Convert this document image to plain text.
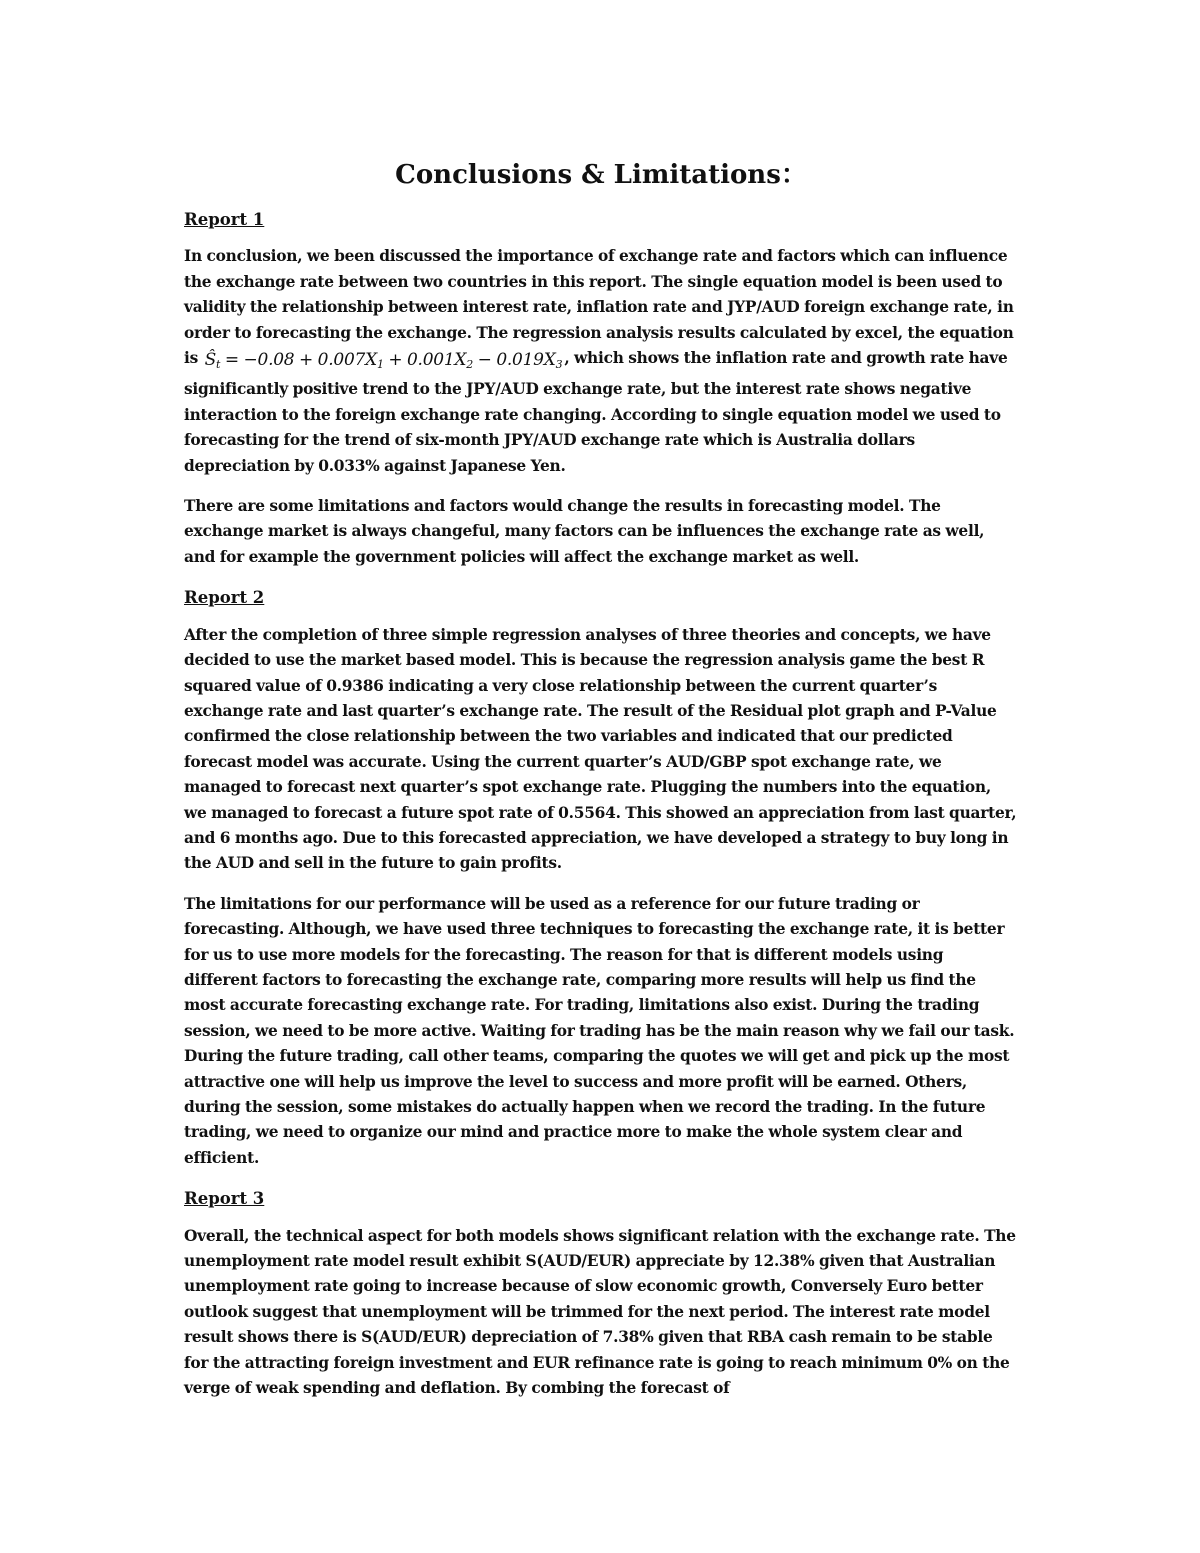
Conclusions & Limitations：
Report 1
In conclusion, we been discussed the importance of exchange rate and factors which can influence the exchange rate between two countries in this report. The single equation model is been used to validity the relationship between interest rate, inflation rate and JYP/AUD foreign exchange rate, in order to forecasting the exchange. The regression analysis results calculated by excel, the equation is $Ŝ_t = -0.08 + 0.007X_1 + 0.001X_2 - 0.019X_3$ , which shows the inflation rate and growth rate have significantly positive trend to the JPY/AUD exchange rate, but the interest rate shows negative interaction to the foreign exchange rate changing. According to single equation model we used to forecasting for the trend of six-month JPY/AUD exchange rate which is Australia dollars depreciation by 0.033% against Japanese Yen.
There are some limitations and factors would change the results in forecasting model. The exchange market is always changeful, many factors can be influences the exchange rate as well, and for example the government policies will affect the exchange market as well.
Report 2
After the completion of three simple regression analyses of three theories and concepts, we have decided to use the market based model. This is because the regression analysis game the best R squared value of 0.9386 indicating a very close relationship between the current quarter’s exchange rate and last quarter’s exchange rate. The result of the Residual plot graph and P-Value confirmed the close relationship between the two variables and indicated that our predicted forecast model was accurate. Using the current quarter’s AUD/GBP spot exchange rate, we managed to forecast next quarter’s spot exchange rate. Plugging the numbers into the equation, we managed to forecast a future spot rate of 0.5564. This showed an appreciation from last quarter, and 6 months ago. Due to this forecasted appreciation, we have developed a strategy to buy long in the AUD and sell in the future to gain profits.
The limitations for our performance will be used as a reference for our future trading or forecasting. Although, we have used three techniques to forecasting the exchange rate, it is better for us to use more models for the forecasting. The reason for that is different models using different factors to forecasting the exchange rate, comparing more results will help us find the most accurate forecasting exchange rate. For trading, limitations also exist. During the trading session, we need to be more active. Waiting for trading has be the main reason why we fail our task. During the future trading, call other teams, comparing the quotes we will get and pick up the most attractive one will help us improve the level to success and more profit will be earned. Others, during the session, some mistakes do actually happen when we record the trading. In the future trading, we need to organize our mind and practice more to make the whole system clear and efficient.
Report 3
Overall, the technical aspect for both models shows significant relation with the exchange rate. The unemployment rate model result exhibit S(AUD/EUR) appreciate by 12.38% given that Australian unemployment rate going to increase because of slow economic growth, Conversely Euro better outlook suggest that unemployment will be trimmed for the next period. The interest rate model result shows there is S(AUD/EUR) depreciation of 7.38% given that RBA cash remain to be stable for the attracting foreign investment and EUR refinance rate is going to reach minimum 0% on the verge of weak spending and deflation. By combing the forecast of
